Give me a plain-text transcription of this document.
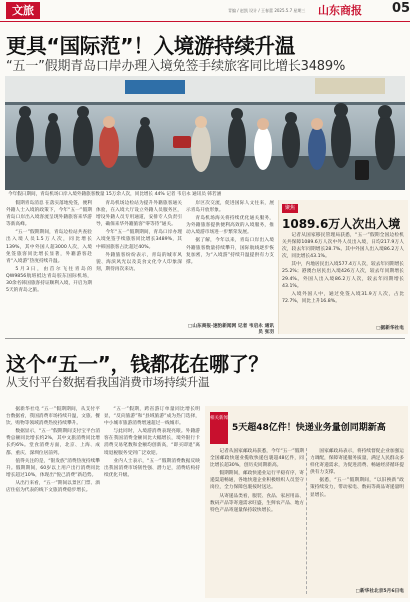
文旅	青编 / 赵凯 设计 / 王春蕾 2025.5.7 星期三 山东商报 05
更具“国际范”！入境游持续升温
“五一”假期青岛口岸办理入境免签手续旅客同比增长3489%
今年假日期间，青岛机场口岸入境外籍旅客数量 15万余人次，同比增长 44% 记者 韦启永 通讯员 韩若涵

假期青岛消息 在落实落地免签，便利外籍人士入境的政策下，今年“五一”假期青岛口岸出入境客流呈现外籍旅客来华游等新高峰。

“五一”假期期间，青岛边检站共查验出入境人员1.5万人次，同比增长139%，其中外国人超3000人次，入境免签旅客同比增长显著，外籍游客赴青“入境游”热度持续升温。

5月3日，由首尔飞往青岛的QW9856航班抵达青岛胶东国际机场，30余名韩国旅客持证顺利入境，开启为期5天的青岛之旅。

青岛机场边检站为提升外籍旅客通关体验，在入境大厅设立外籍人员服务区，增设外籍人员专用通道，安排专人负责引导，确保来华外籍旅客“零等待”通关。

今年“五一”假期期间，青岛口岸办理入境免签手续旅客同比增长3489%，其中韩国旅客占比超过40%。

外籍旅客纷纷表示，青岛的城市风貌、海滨风光以及美食文化令人印象深刻，期待再次来访。

岸区次交流，促进国际人文往来，展示青岛开放形象。

青岛机场海关将持续优化通关服务，为外籍旅客提供便利高效的入境服务，推动入境游市场进一步繁荣发展。

据了解，今年以来，青岛口岸出入境外籍旅客数量持续攀升，国际航线逐步恢复加密，为“入境游”持续升温提供有力支撑。

□山东商报·速豹新闻网 记者 韦启永 通讯员 张羽
聚焦
1089.6万人次出入境

记者从国家移民管理局获悉，“五一”假期全国边检机关共保障1089.6万人次中外人员出入境，日均217.9万人次，较去年同期增长28.7%。其中外国人出入境86.2万人次，同比增长43.1%。

其中，内地居民出入境577.4万人次，较去年同期增长25.2%；港澳台居民出入境426万人次，较去年同期增长29.4%。外国人出入境86.2万人次，较去年同期增长43.1%。

入境外国人中，通过免签入境31.9万人次，占比72.7%，同比上升16.8%。

□据新华社电
这个“五一”，钱都花在哪了？
从支付平台数据看我国消费市场持续升温

据新华社电 “五一”假期期间，从支付平台数据看，我国消费市场持续升温，文旅、餐饮、购物等领域消费热度持续攀升。

数据显示，“五一”假期期间支付宝平台消费总额同比增长约2%，其中文旅消费同比增长约6%。堂食消费方面，北京、上海、成都、重庆、深圳位居前列。

值得关注的是，“银发族”消费热度持续攀升。假期期间，60岁以上用户出行消费同比增长超过10%，体现出“悦己消费”新趋势。

从出行来看，“五一”期间以景区门票、酒店住宿为代表的线下文旅消费稳步增长。

“五一”假期，跨省游订单量同比增长明显，“反向旅游”和“县域旅游”成为热门选择，中小城市旅游消费增速超过一线城市。

与此同时，入境游消费表现亮眼。外籍游客在我国消费金额同比大幅增长，境外银行卡消费交易笔数和金额均创新高，“即买即退”离境退税服务受到广泛欢迎。

业内人士表示，“五一”假期消费数据反映出我国消费市场韧性强、潜力足，消费结构持续优化升级。

相关新闻
5天超48亿件！快递业务量创同期新高

记者从国家邮政局获悉，今年“五一”假期全国邮政快递业揽收快递包裹超48亿件，同比增长超30%，创历史同期新高。

假期期间，邮政快递业运行平稳有序，寄递渠道畅通，各地快递企业积极组织人员坚守岗位，全力保障包裹按时送达。

从寄递品类看，服装、食品、家居用品、数码产品等寄递需求旺盛，生鲜农产品、地方特色产品寄递量保持较快增长。

国家邮政局表示，将持续督促企业加强运力调配，保障寄递服务质量，满足人民群众多样化寄递需求，为促进消费、畅通经济循环提供有力支撑。

据悉，“五一”假期期间，“以旧换新”政策持续发力，带动家电、数码等商品寄递量明显增长。

□新华社北京5月6日电
